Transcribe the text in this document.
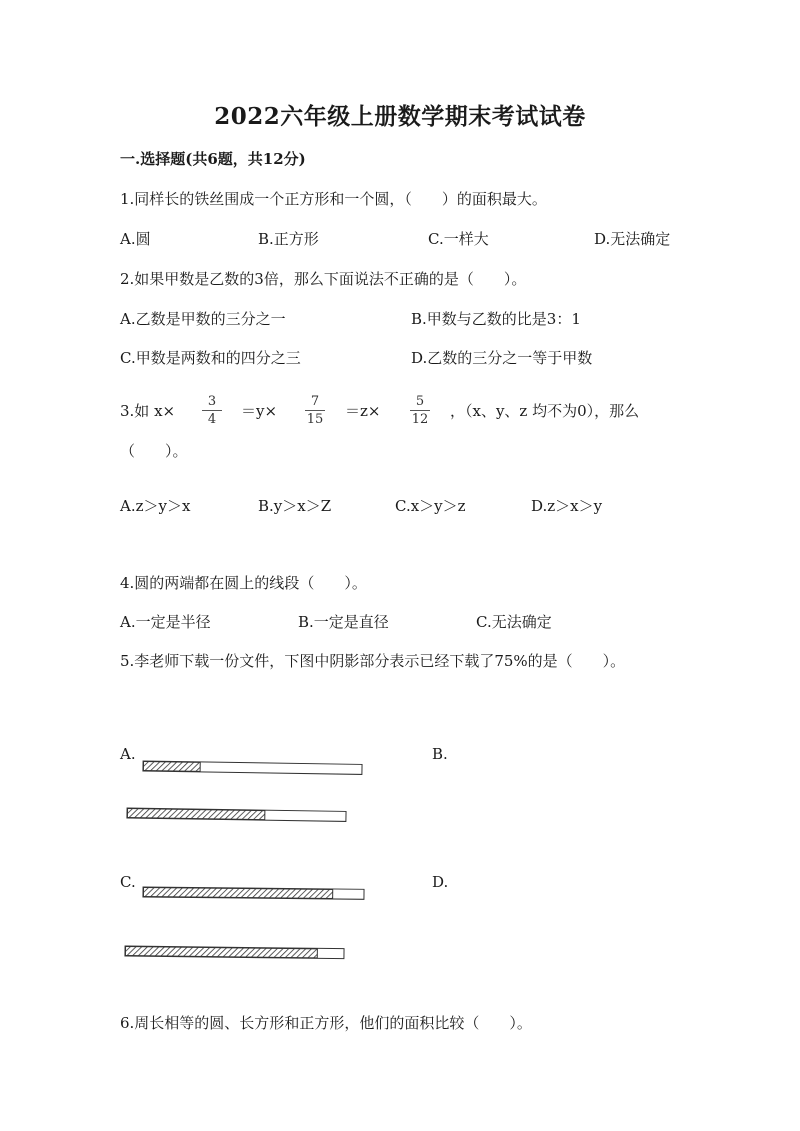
2022六年级上册数学期末考试试卷
一.选择题(共6题，共12分)
1.同样长的铁丝围成一个正方形和一个圆，（　　）的面积最大。
A.圆	B.正方形	C.一样大	D.无法确定
2.如果甲数是乙数的3倍，那么下面说法不正确的是（　　）。
A.乙数是甲数的三分之一	B.甲数与乙数的比是3：1
C.甲数是两数和的四分之三	D.乙数的三分之一等于甲数
3.如 x×
3
4	＝y×
7
15 ＝z×
5
12 ，（x、y、z 均不为0），那么
（　　）。
A.z＞y＞x	B.y＞x＞Z	C.x＞y＞z	D.z＞x＞y
4.圆的两端都在圆上的线段（　　）。
A.一定是半径	B.一定是直径	C.无法确定
5.李老师下载一份文件，下图中阴影部分表示已经下载了75%的是（　　）。
A.	B.
C.	D.
6.周长相等的圆、长方形和正方形，他们的面积比较（　　）。
